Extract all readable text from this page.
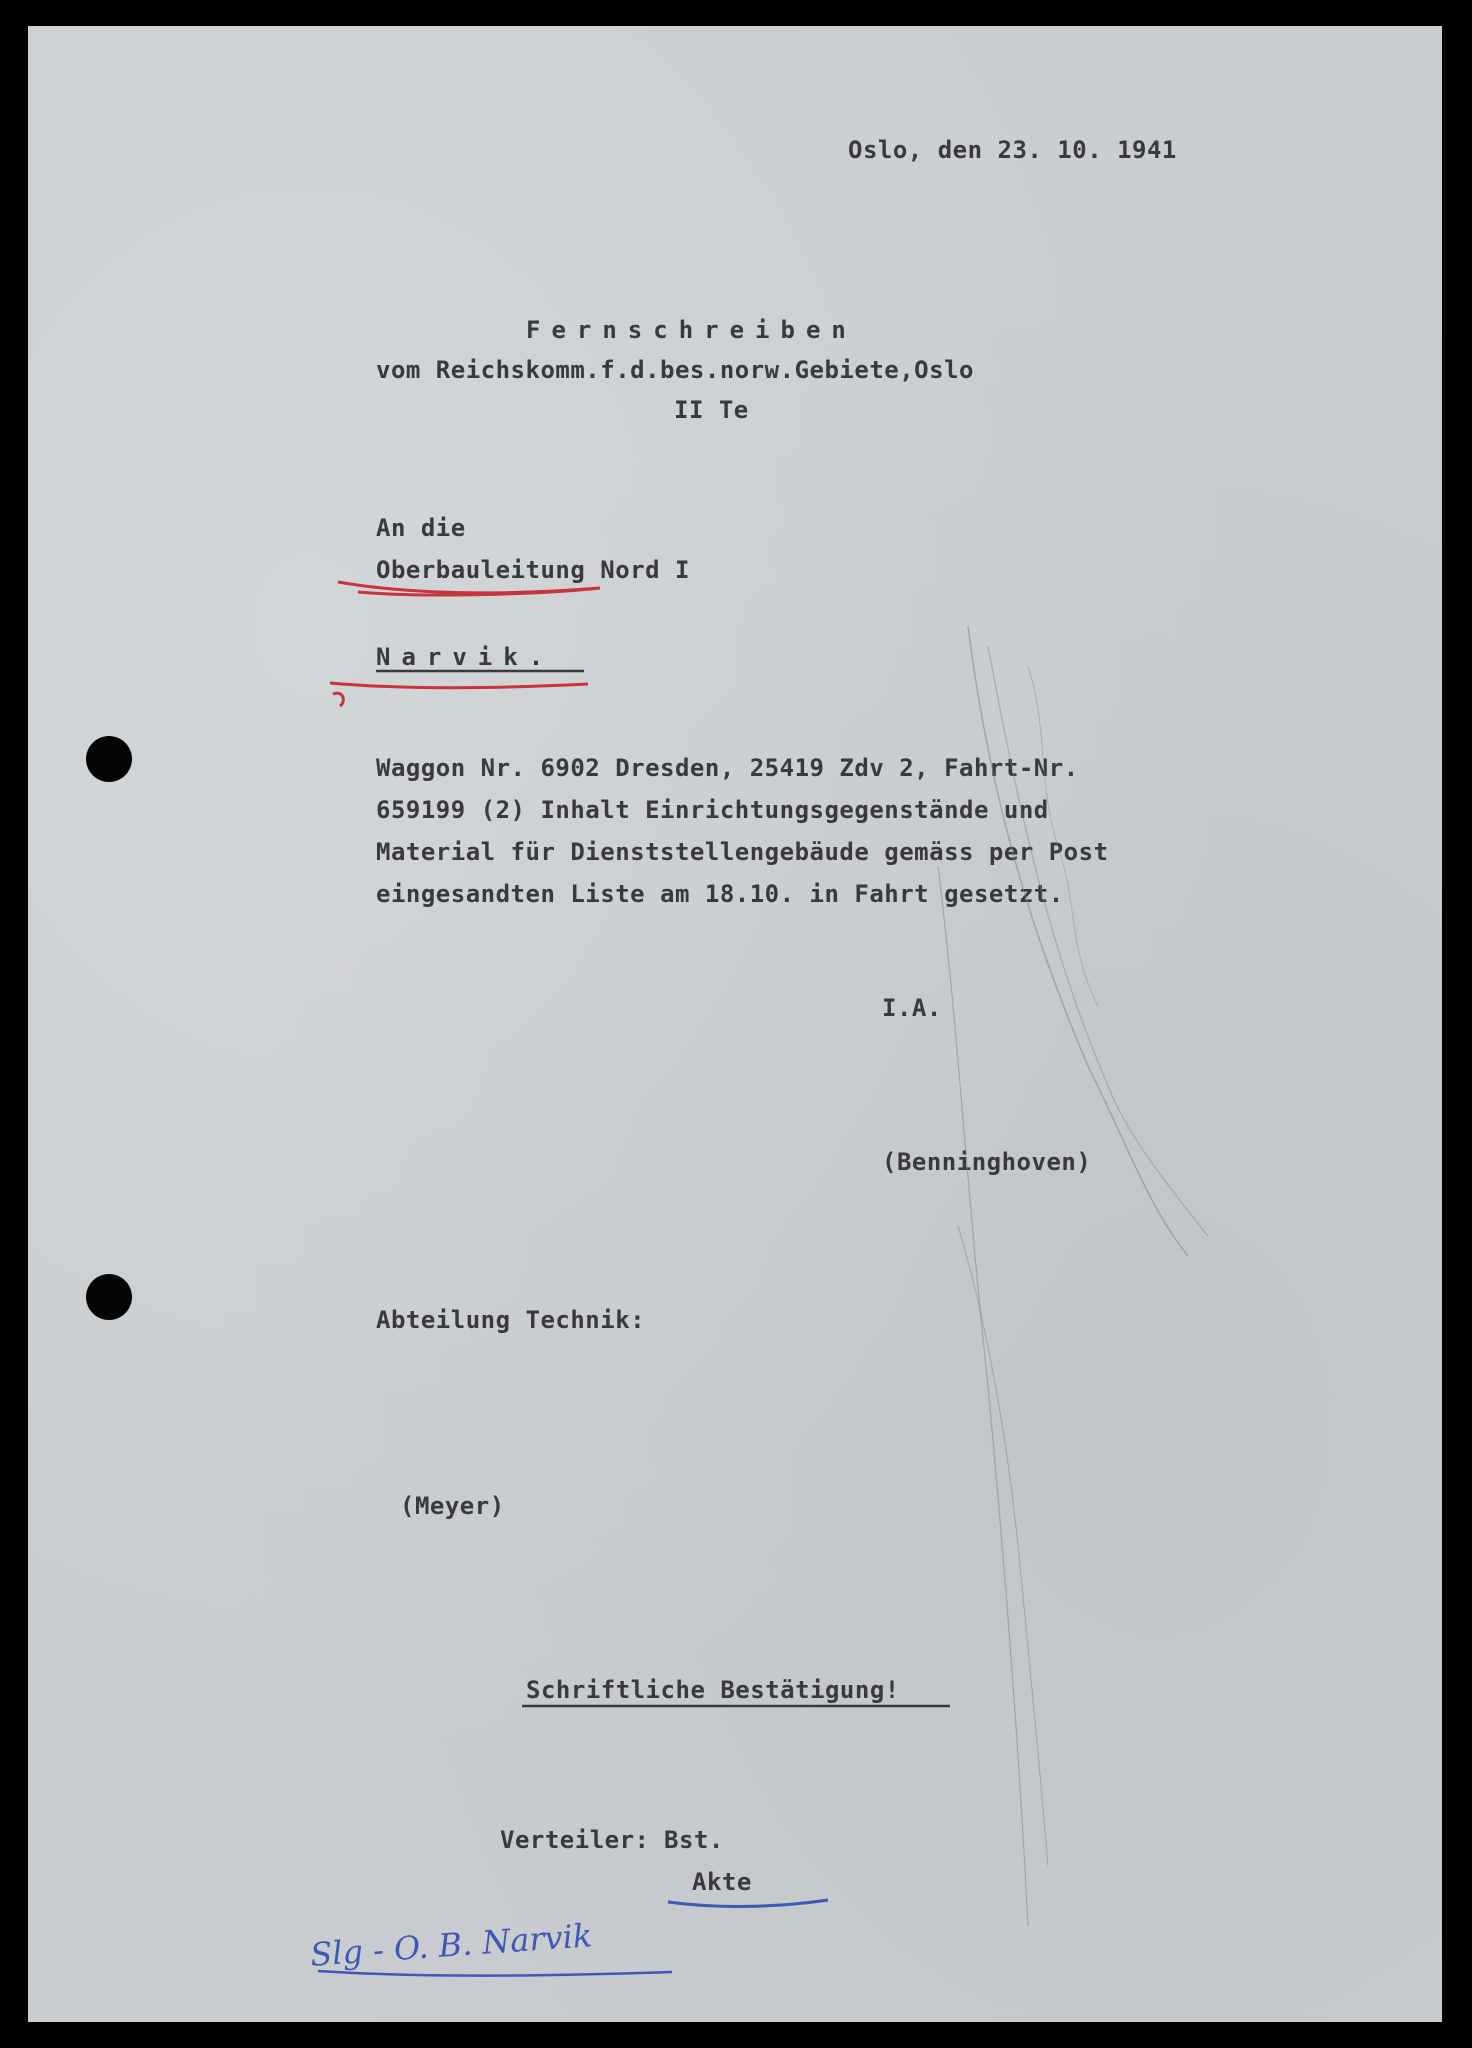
Oslo, den 23. 10. 1941
Fernschreiben
vom Reichskomm.f.d.bes.norw.Gebiete,Oslo
II Te
An die
Oberbauleitung Nord I
Narvik.
Waggon Nr. 6902 Dresden, 25419 Zdv 2, Fahrt-Nr.
659199 (2) Inhalt Einrichtungsgegenstände und
Material für Dienststellengebäude gemäss per Post
eingesandten Liste am 18.10. in Fahrt gesetzt.
I.A.
(Benninghoven)
Abteilung Technik:
(Meyer)
Schriftliche Bestätigung!
Verteiler: Bst.
Akte
Slg - O. B. Narvik
